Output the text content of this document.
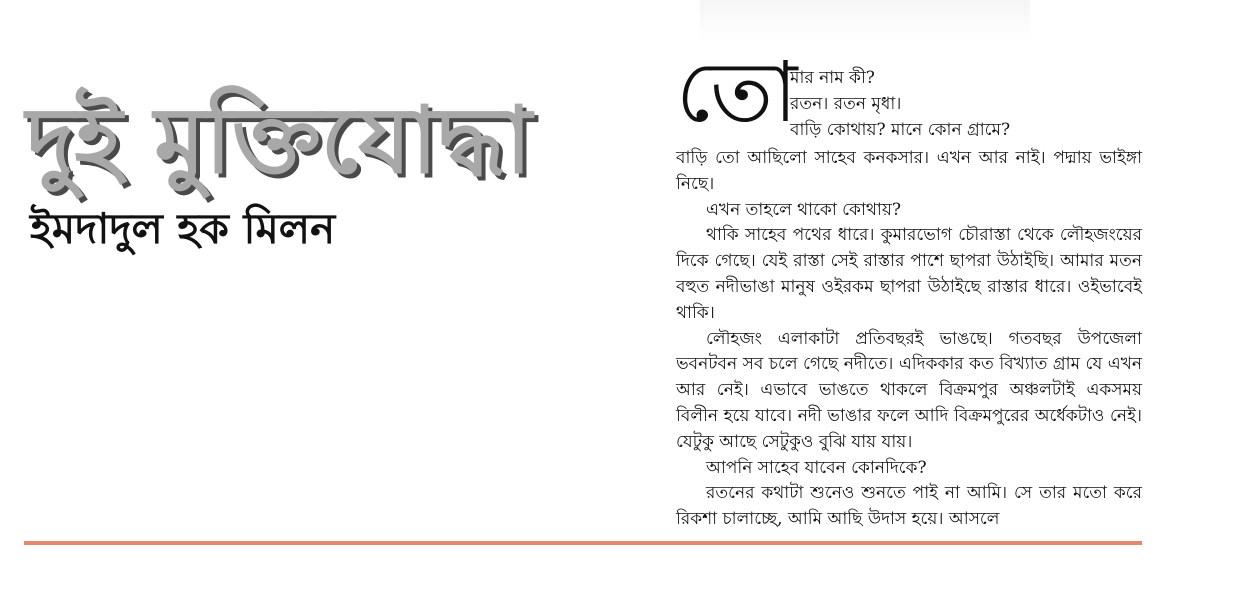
দুই মুক্তিযোদ্ধা
ইমদাদুল হক মিলন
তো
মার নাম কী?
রতন। রতন মৃধা।
বাড়ি কোথায়? মানে কোন গ্রামে?

বাড়ি তো আছিলো সাহেব কনকসার। এখন আর নাই। পদ্মায় ভাইঙ্গা নিছে।

এখন তাহলে থাকো কোথায়?

থাকি সাহেব পথের ধারে। কুমারভোগ চৌরাস্তা থেকে লৌহজংয়ের দিকে গেছে। যেই রাস্তা সেই রাস্তার পাশে ছাপরা উঠাইছি। আমার মতন বহুত নদীভাঙা মানুষ ওইরকম ছাপরা উঠাইছে রাস্তার ধারে। ওইভাবেই থাকি।

লৌহজং এলাকাটা প্রতিবছরই ভাঙছে। গতবছর উপজেলা ভবনটবন সব চলে গেছে নদীতে। এদিককার কত বিখ্যাত গ্রাম যে এখন আর নেই। এভাবে ভাঙতে থাকলে বিক্রমপুর অঞ্চলটাই একসময় বিলীন হয়ে যাবে। নদী ভাঙার ফলে আদি বিক্রমপুরের অর্ধেকটাও নেই। যেটুকু আছে সেটুকুও বুঝি যায় যায়।

আপনি সাহেব যাবেন কোনদিকে?

রতনের কথাটা শুনেও শুনতে পাই না আমি। সে তার মতো করে রিকশা চালাচ্ছে, আমি আছি উদাস হয়ে। আসলে
